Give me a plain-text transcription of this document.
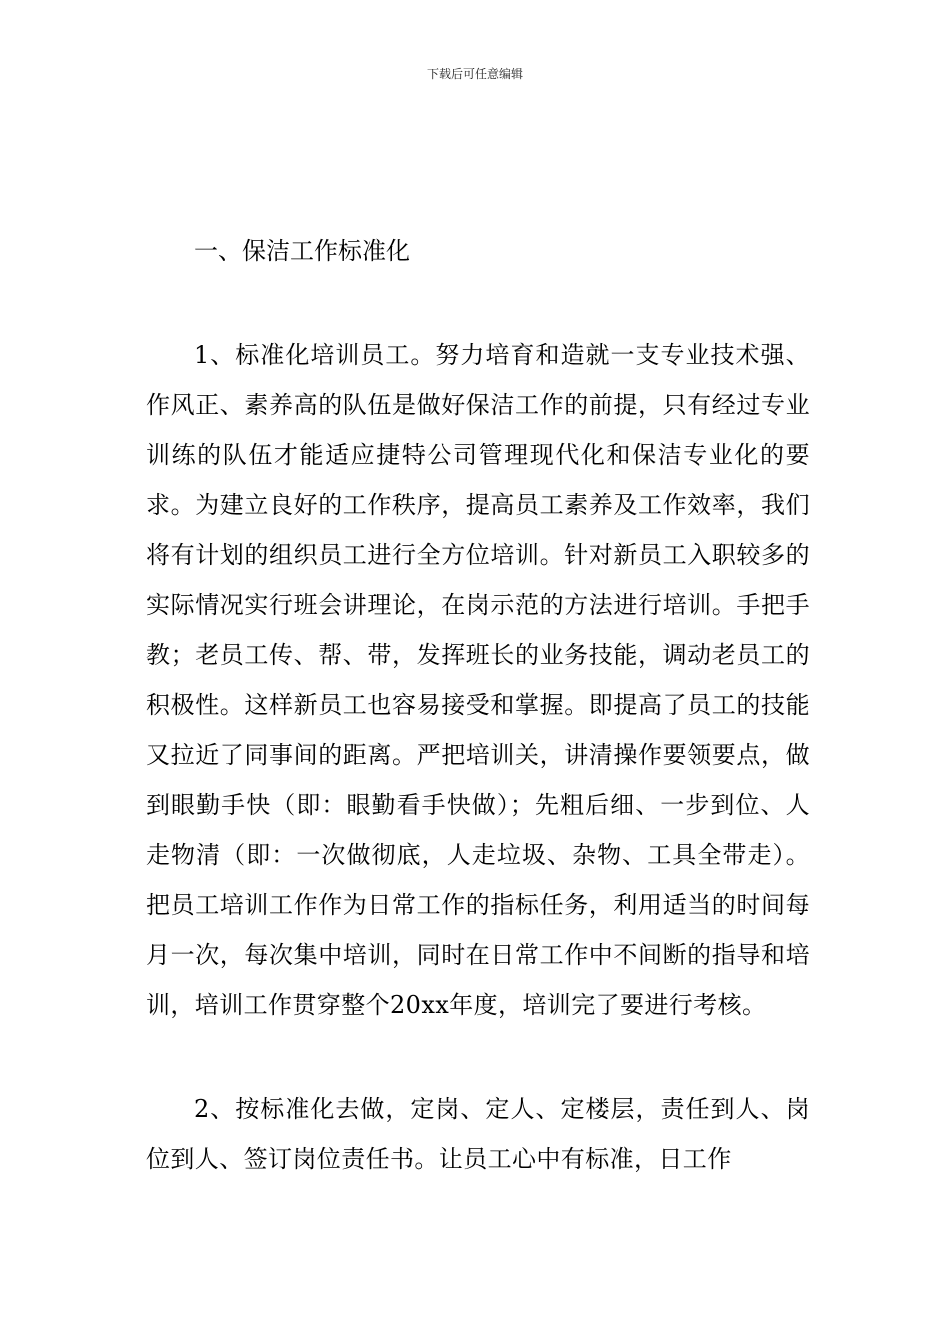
下载后可任意编辑
一、保洁工作标准化

1、标准化培训员工。努力培育和造就一支专业技术强、作风正、素养高的队伍是做好保洁工作的前提，只有经过专业训练的队伍才能适应捷特公司管理现代化和保洁专业化的要求。为建立良好的工作秩序，提高员工素养及工作效率，我们将有计划的组织员工进行全方位培训。针对新员工入职较多的实际情况实行班会讲理论，在岗示范的方法进行培训。手把手教；老员工传、帮、带，发挥班长的业务技能，调动老员工的积极性。这样新员工也容易接受和掌握。即提高了员工的技能又拉近了同事间的距离。严把培训关，讲清操作要领要点，做到眼勤手快（即：眼勤看手快做）；先粗后细、一步到位、人走物清（即：一次做彻底，人走垃圾、杂物、工具全带走）。把员工培训工作作为日常工作的指标任务，利用适当的时间每月一次，每次集中培训，同时在日常工作中不间断的指导和培训，培训工作贯穿整个20xx年度，培训完了要进行考核。

2、按标准化去做，定岗、定人、定楼层，责任到人、岗位到人、签订岗位责任书。让员工心中有标准，日工作
